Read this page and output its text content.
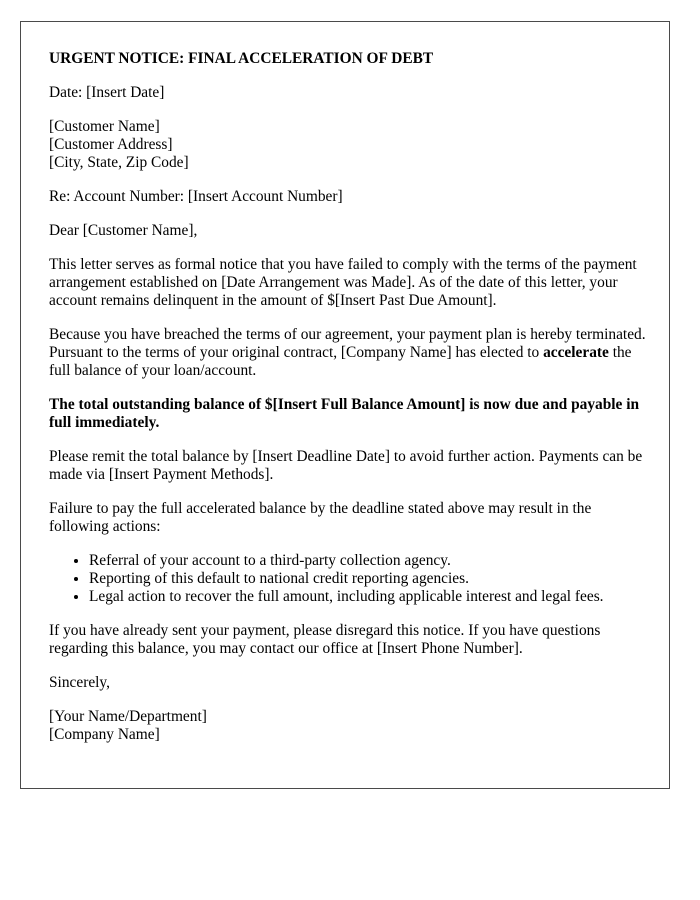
URGENT NOTICE: FINAL ACCELERATION OF DEBT

Date: [Insert Date]

[Customer Name]
[Customer Address]
[City, State, Zip Code]

Re: Account Number: [Insert Account Number]

Dear [Customer Name],

This letter serves as formal notice that you have failed to comply with the terms of the payment arrangement established on [Date Arrangement was Made]. As of the date of this letter, your account remains delinquent in the amount of $[Insert Past Due Amount].

Because you have breached the terms of our agreement, your payment plan is hereby terminated. Pursuant to the terms of your original contract, [Company Name] has elected to accelerate the full balance of your loan/account.

The total outstanding balance of $[Insert Full Balance Amount] is now due and payable in full immediately.

Please remit the total balance by [Insert Deadline Date] to avoid further action. Payments can be made via [Insert Payment Methods].

Failure to pay the full accelerated balance by the deadline stated above may result in the following actions:

• Referral of your account to a third-party collection agency.
• Reporting of this default to national credit reporting agencies.
• Legal action to recover the full amount, including applicable interest and legal fees.

If you have already sent your payment, please disregard this notice. If you have questions regarding this balance, you may contact our office at [Insert Phone Number].

Sincerely,

[Your Name/Department]
[Company Name]
